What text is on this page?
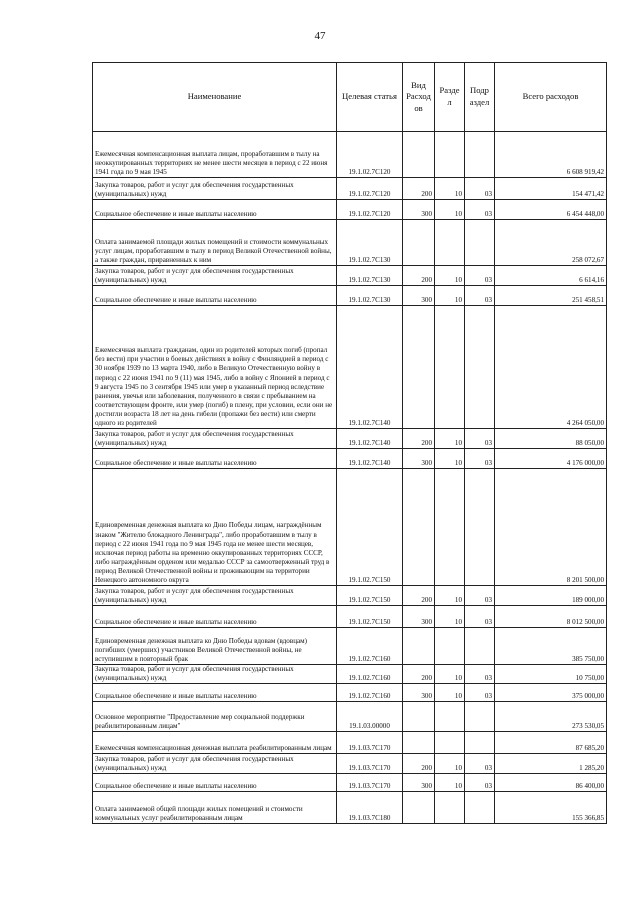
47
Наименование	Целевая статья	Вид Расход ов	Разде л	Подр аздел	Всего расходов
Ежемесячная компенсационная выплата лицам, проработавшим в тылу на неоккупированных территориях не менее шести месяцев в период с 22 июня 1941 года по 9 мая 1945	19.1.02.7С120				6 608 919,42
Закупка товаров, работ и услуг для обеспечения государственных (муниципальных) нужд	19.1.02.7С120	200	10	03	154 471,42
Социальное обеспечение и иные выплаты населению	19.1.02.7С120	300	10	03	6 454 448,00
Оплата занимаемой площади жилых помещений и стоимости коммунальных услуг лицам, проработавшим в тылу в период Великой Отечественной войны, а также граждан, приравненных к ним	19.1.02.7С130				258 072,67
Закупка товаров, работ и услуг для обеспечения государственных (муниципальных) нужд	19.1.02.7С130	200	10	03	6 614,16
Социальное обеспечение и иные выплаты населению	19.1.02.7С130	300	10	03	251 458,51
Ежемесячная выплата гражданам, один из родителей которых погиб (пропал без вести) при участии в боевых действиях в войну с Финляндией в период с 30 ноября 1939 по 13 марта 1940, либо в Великую Отечественную войну в период с 22 июня 1941 по 9 (11) мая 1945, либо в войну с Японией в период с 9 августа 1945 по 3 сентября 1945 или умер в указанный период вследствие ранения, увечья или заболевания, полученного в связи с пребыванием на соответствующем фронте, или умер (погиб) в плену, при условии, если они не достигли возраста 18 лет на день гибели (пропажи без вести) или смерти одного из родителей	19.1.02.7С140				4 264 050,00
Закупка товаров, работ и услуг для обеспечения государственных (муниципальных) нужд	19.1.02.7С140	200	10	03	88 050,00
Социальное обеспечение и иные выплаты населению	19.1.02.7С140	300	10	03	4 176 000,00
Единовременная денежная выплата ко Дню Победы лицам, награждённым знаком "Жителю блокадного Ленинграда", либо проработавшим в тылу в период с 22 июня 1941 года по 9 мая 1945 года не менее шести месяцев, исключая период работы на временно оккупированных территориях СССР, либо награждённым орденом или медалью СССР за самоотверженный труд в период Великой Отечественной войны и проживающим на территории Ненецкого автономного округа	19.1.02.7С150				8 201 500,00
Закупка товаров, работ и услуг для обеспечения государственных (муниципальных) нужд	19.1.02.7С150	200	10	03	189 000,00
Социальное обеспечение и иные выплаты населению	19.1.02.7С150	300	10	03	8 012 500,00
Единовременная денежная выплата ко Дню Победы вдовам (вдовцам) погибших (умерших) участников Великой Отечественной войны, не вступившим в повторный брак	19.1.02.7С160				385 750,00
Закупка товаров, работ и услуг для обеспечения государственных (муниципальных) нужд	19.1.02.7С160	200	10	03	10 750,00
Социальное обеспечение и иные выплаты населению	19.1.02.7С160	300	10	03	375 000,00
Основное мероприятие "Предоставление мер социальной поддержки реабилитированным лицам"	19.1.03.00000				273 530,05
Ежемесячная компенсационная денежная выплата реабилитированным лицам	19.1.03.7С170				87 685,20
Закупка товаров, работ и услуг для обеспечения государственных (муниципальных) нужд	19.1.03.7С170	200	10	03	1 285,20
Социальное обеспечение и иные выплаты населению	19.1.03.7С170	300	10	03	86 400,00
Оплата занимаемой общей площади жилых помещений и стоимости коммунальных услуг реабилитированным лицам	19.1.03.7С180				155 366,85
